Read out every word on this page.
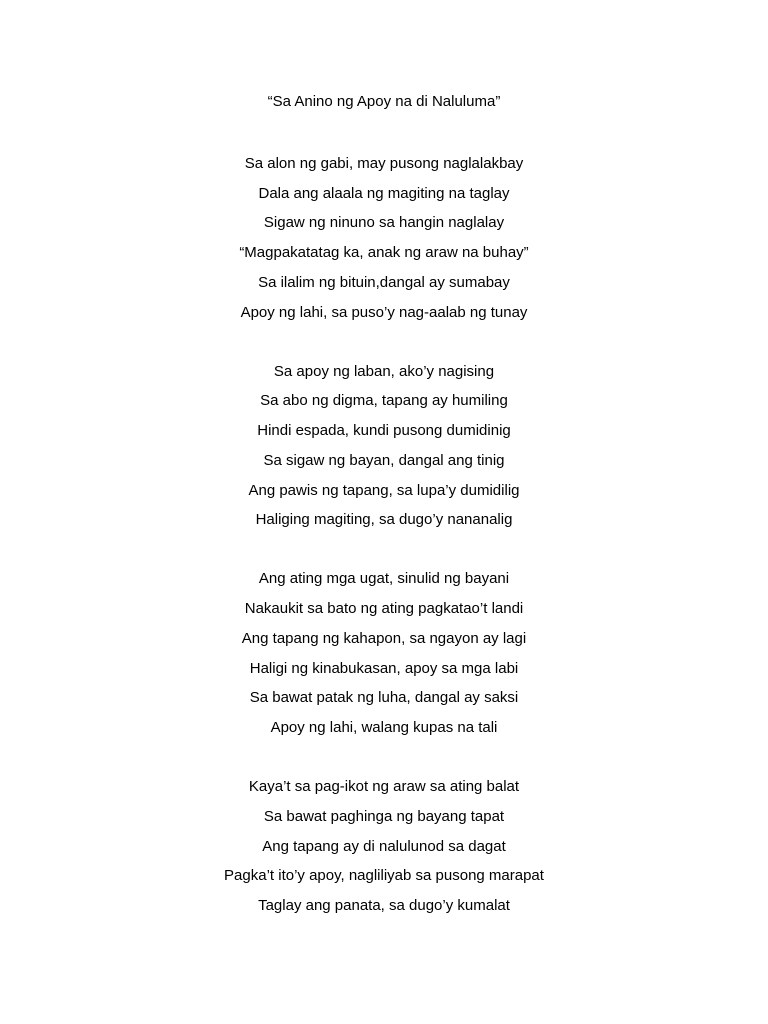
“Sa Anino ng Apoy na di Naluluma”
Sa alon ng gabi, may pusong naglalakbay
Dala ang alaala ng magiting na taglay
Sigaw ng ninuno sa hangin naglalay
“Magpakatatag ka, anak ng araw na buhay”
Sa ilalim ng bituin,dangal ay sumabay
Apoy ng lahi, sa puso’y nag-aalab ng tunay
Sa apoy ng laban, ako’y nagising
Sa abo ng digma, tapang ay humiling
Hindi espada, kundi pusong dumidinig
Sa sigaw ng bayan, dangal ang tinig
Ang pawis ng tapang, sa lupa’y dumidilig
Haliging magiting, sa dugo’y nananalig
Ang ating mga ugat, sinulid ng bayani
Nakaukit sa bato ng ating pagkatao’t landi
Ang tapang ng kahapon, sa ngayon ay lagi
Haligi ng kinabukasan, apoy sa mga labi
Sa bawat patak ng luha, dangal ay saksi
Apoy ng lahi, walang kupas na tali
Kaya’t sa pag-ikot ng araw sa ating balat
Sa bawat paghinga ng bayang tapat
Ang tapang ay di nalulunod sa dagat
Pagka’t ito’y apoy, nagliliyab sa pusong marapat
Taglay ang panata, sa dugo’y kumalat
